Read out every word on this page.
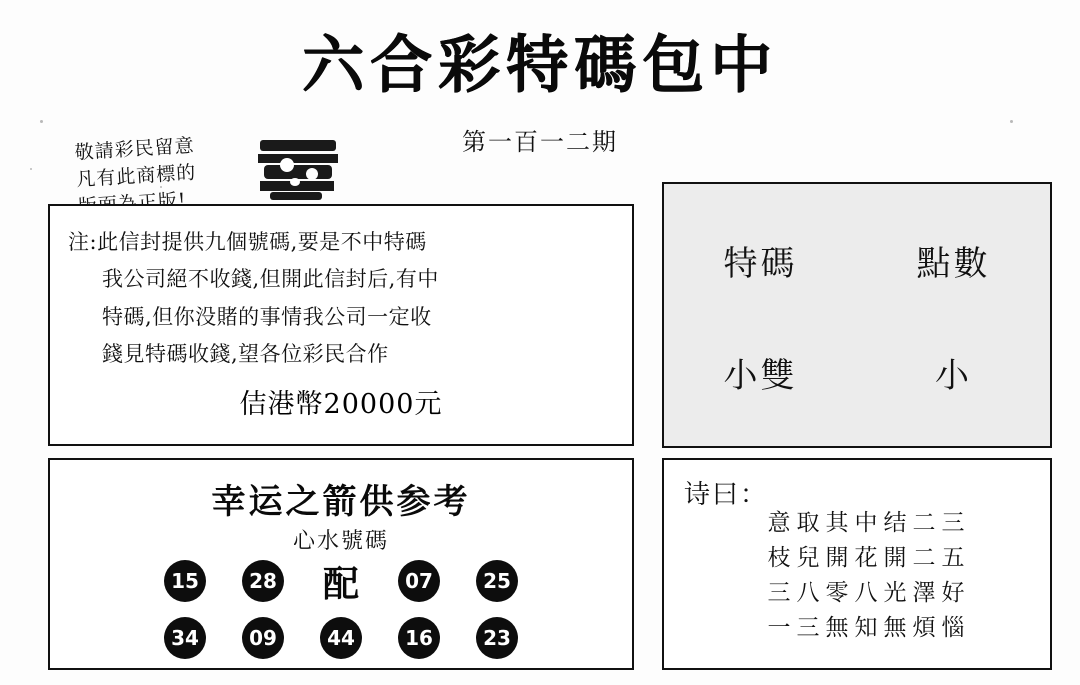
六合彩特碼包中
第一百一二期
敬請彩民留意
凡有此商標的
注:此信封提供九個號碼,要是不中特碼
我公司絕不收錢,但開此信封后,有中
特碼,但你没賭的事情我公司一定收
錢見特碼收錢,望各位彩民合作
佶港幣20000元
特碼	點數
小雙	小
幸运之箭供参考
心水號碼
15	28 配	07	25
34	09	44	16	23
诗曰：
意取其中结二三
枝兒開花開二五
三八零八光澤好
一三無知無煩惱
